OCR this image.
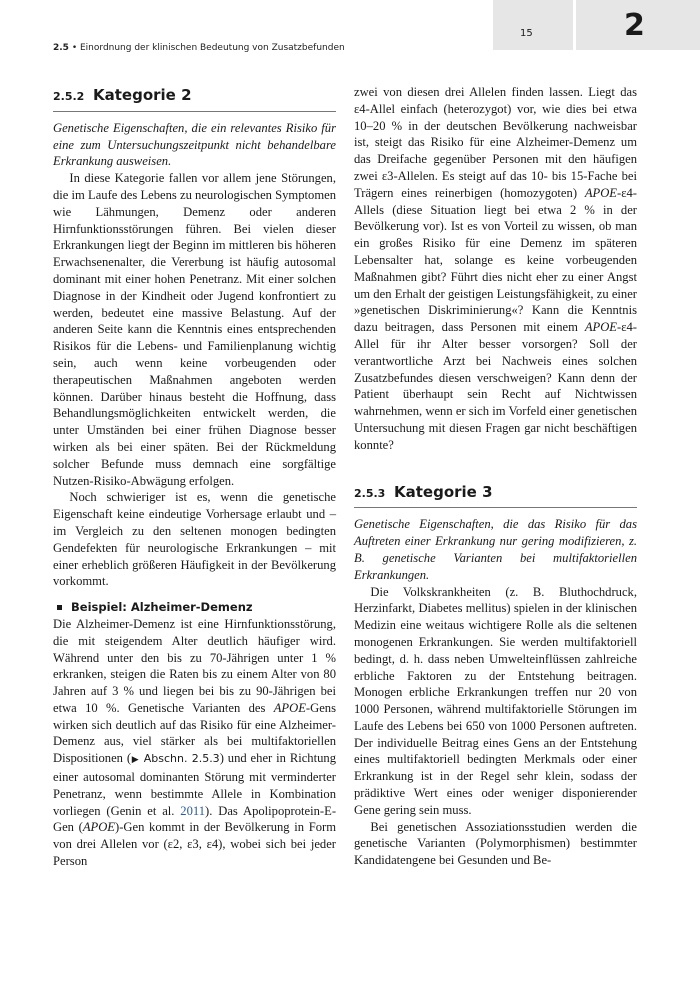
15	2
2.5 • Einordnung der klinischen Bedeutung von Zusatzbefunden
2.5.2 Kategorie 2

Genetische Eigenschaften, die ein relevantes Risiko für eine zum Untersuchungszeitpunkt nicht behandelbare Erkrankung ausweisen.

In diese Kategorie fallen vor allem jene Störungen, die im Laufe des Lebens zu neurologischen Symptomen wie Lähmungen, Demenz oder anderen Hirnfunktionsstörungen führen. Bei vielen dieser Erkrankungen liegt der Beginn im mittleren bis höheren Erwachsenenalter, die Vererbung ist häufig autosomal dominant mit einer hohen Penetranz. Mit einer solchen Diagnose in der Kindheit oder Jugend konfrontiert zu werden, bedeutet eine massive Belastung. Auf der anderen Seite kann die Kenntnis eines entsprechenden Risikos für die Lebens- und Familienplanung wichtig sein, auch wenn keine vorbeugenden oder therapeutischen Maßnahmen angeboten werden können. Darüber hinaus besteht die Hoffnung, dass Behandlungsmöglichkeiten entwickelt werden, die unter Umständen bei einer frühen Diagnose besser wirken als bei einer späten. Bei der Rückmeldung solcher Befunde muss demnach eine sorgfältige Nutzen-Risiko-Abwägung erfolgen.

Noch schwieriger ist es, wenn die genetische Eigenschaft keine eindeutige Vorhersage erlaubt und – im Vergleich zu den seltenen monogen bedingten Gendefekten für neurologische Erkrankungen – mit einer erheblich größeren Häufigkeit in der Bevölkerung vorkommt.

Beispiel: Alzheimer-Demenz

Die Alzheimer-Demenz ist eine Hirnfunktionsstörung, die mit steigendem Alter deutlich häufiger wird. Während unter den bis zu 70-Jährigen unter 1 % erkranken, steigen die Raten bis zu einem Alter von 80 Jahren auf 3 % und liegen bei bis zu 90-Jährigen bei etwa 10 %. Genetische Varianten des APOE-Gens wirken sich deutlich auf das Risiko für eine Alzheimer-Demenz aus, viel stärker als bei multifaktoriellen Dispositionen (▶ Abschn. 2.5.3) und eher in Richtung einer autosomal dominanten Störung mit verminderter Penetranz, wenn bestimmte Allele in Kombination vorliegen (Genin et al. 2011). Das Apolipoprotein-E-Gen (APOE)-Gen kommt in der Bevölkerung in Form von drei Allelen vor (ε2, ε3, ε4), wobei sich bei jeder Person

zwei von diesen drei Allelen finden lassen. Liegt das ε4-Allel einfach (heterozygot) vor, wie dies bei etwa 10–20 % in der deutschen Bevölkerung nachweisbar ist, steigt das Risiko für eine Alzheimer-Demenz um das Dreifache gegenüber Personen mit den häufigen zwei ε3-Allelen. Es steigt auf das 10- bis 15-Fache bei Trägern eines reinerbigen (homozygoten) APOE-ε4-Allels (diese Situation liegt bei etwa 2 % in der Bevölkerung vor). Ist es von Vorteil zu wissen, ob man ein großes Risiko für eine Demenz im späteren Lebensalter hat, solange es keine vorbeugenden Maßnahmen gibt? Führt dies nicht eher zu einer Angst um den Erhalt der geistigen Leistungsfähigkeit, zu einer »genetischen Diskriminierung«? Kann die Kenntnis dazu beitragen, dass Personen mit einem APOE-ε4-Allel für ihr Alter besser vorsorgen? Soll der verantwortliche Arzt bei Nachweis eines solchen Zusatzbefundes diesen verschweigen? Kann denn der Patient überhaupt sein Recht auf Nichtwissen wahrnehmen, wenn er sich im Vorfeld einer genetischen Untersuchung mit diesen Fragen gar nicht beschäftigen konnte?

2.5.3 Kategorie 3

Genetische Eigenschaften, die das Risiko für das Auftreten einer Erkrankung nur gering modifizieren, z. B. genetische Varianten bei multifaktoriellen Erkrankungen.

Die Volkskrankheiten (z. B. Bluthochdruck, Herzinfarkt, Diabetes mellitus) spielen in der klinischen Medizin eine weitaus wichtigere Rolle als die seltenen monogenen Erkrankungen. Sie werden multifaktoriell bedingt, d. h. dass neben Umwelteinflüssen zahlreiche erbliche Faktoren zu der Entstehung beitragen. Monogen erbliche Erkrankungen treffen nur 20 von 1000 Personen, während multifaktorielle Störungen im Laufe des Lebens bei 650 von 1000 Personen auftreten. Der individuelle Beitrag eines Gens an der Entstehung eines multifaktoriell bedingten Merkmals oder einer Erkrankung ist in der Regel sehr klein, sodass der prädiktive Wert eines oder weniger disponierender Gene gering sein muss.

Bei genetischen Assoziationsstudien werden die genetische Varianten (Polymorphismen) bestimmter Kandidatengene bei Gesunden und Be-
